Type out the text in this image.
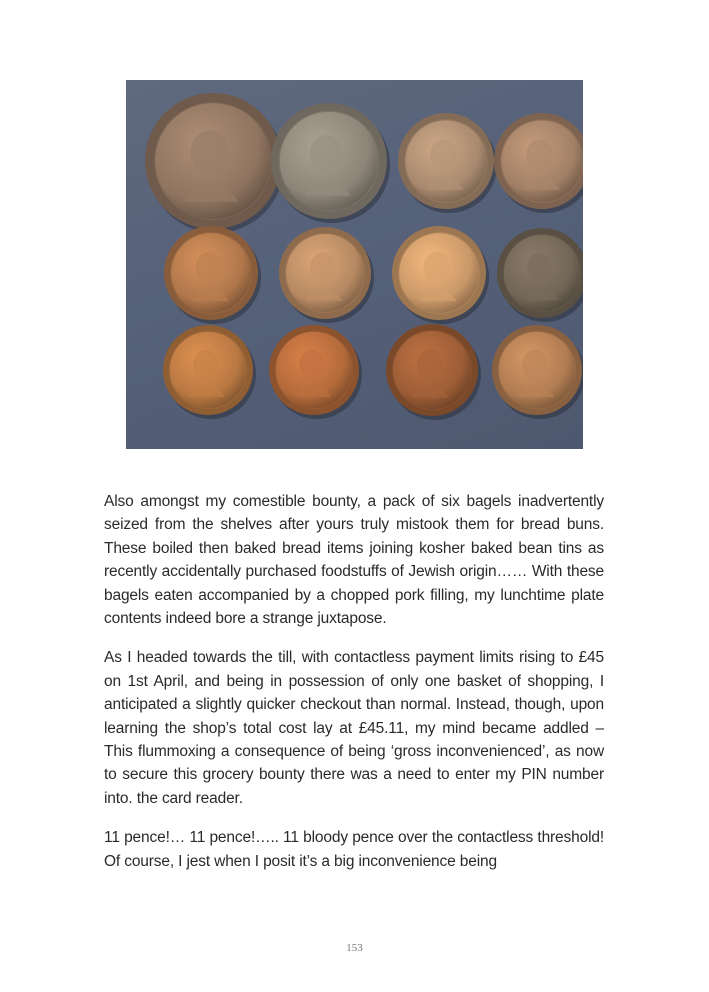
Also amongst my comestible bounty, a pack of six bagels inadvertently seized from the shelves after yours truly mistook them for bread buns. These boiled then baked bread items joining kosher baked bean tins as recently accidentally purchased foodstuffs of Jewish origin…… With these bagels eaten accompanied by a chopped pork filling, my lunchtime plate contents indeed bore a strange juxtapose.

As I headed towards the till, with contactless payment limits rising to £45 on 1st April, and being in possession of only one basket of shopping, I anticipated a slightly quicker checkout than normal. Instead, though, upon learning the shop’s total cost lay at £45.11, my mind became addled – This flummoxing a consequence of being ‘gross inconvenienced’, as now to secure this grocery bounty there was a need to enter my PIN number into. the card reader.

11 pence!… 11 pence!….. 11 bloody pence over the contactless threshold! Of course, I jest when I posit it’s a big inconvenience being

153
